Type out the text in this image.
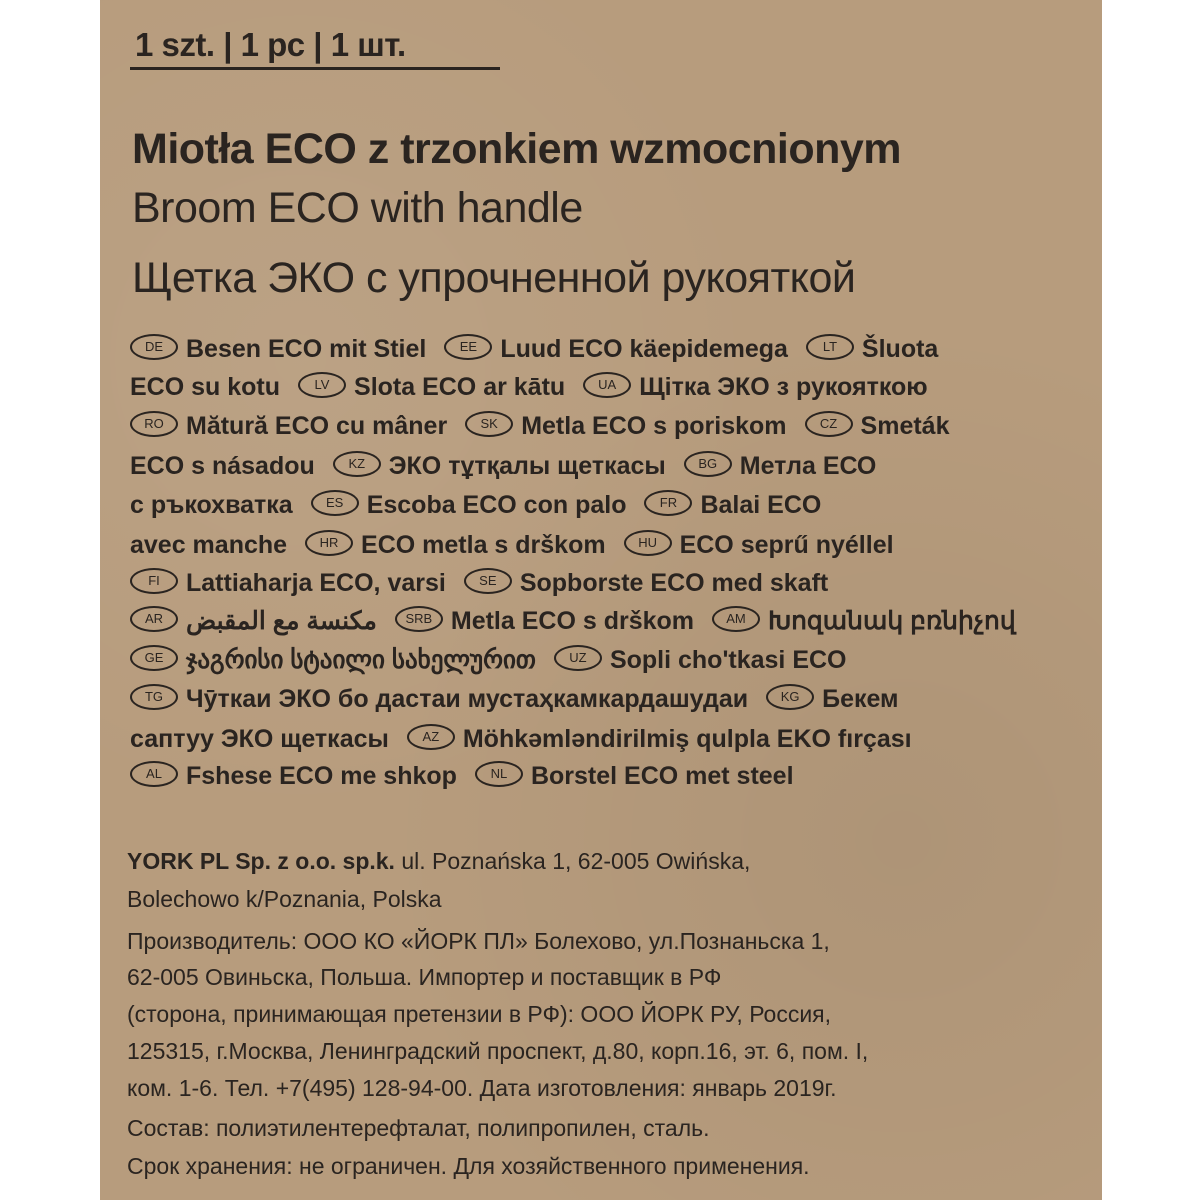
1 szt. | 1 pc | 1 шт.
Miotła ECO z trzonkiem wzmocnionym
Broom ECO with handle
Щетка ЭКО с упрочненной рукояткой
DE Besen ECO mit Stiel	EE Luud ECO käepidemega	LT Šluota
ECO su kotu	LV Slota ECO ar kātu	UA Щітка ЭКО з рукояткою
RO Mătură ECO cu mâner	SK Metla ECO s poriskom	CZ Smeták
ECO s násadou	KZ ЭКО тұтқалы щеткасы	BG Метла ЕСО
с ръкохватка	ES Escoba ECO con palo	FR Balai ECO
avec manche	HR ECO metla s drškom	HU ECO seprű nyéllel
FI Lattiaharja ECO, varsi	SE Sopborste ECO med skaft
AR مكنسة مع المقبض SRB Metla ECO s drškom AM Խոզանակ բռնիչով
GE ჯაგრისი სტაილი სახელურით	UZ Sopli cho'tkasi ECO
TG Чӯткаи ЭКО бо дастаи мустаҳкамкардашудаи	KG Бекем
саптуу ЭКО щеткасы	AZ Möhkəmləndirilmiş qulpla EKO fırçası
AL Fshese ECO me shkop	NL Borstel ECO met steel
YORK PL Sp. z o.o. sp.k. ul. Poznańska 1, 62-005 Owińska,
Bolechowo k/Poznania, Polska
Производитель: ООО КО «ЙОРК ПЛ» Болехово, ул.Познаньска 1,
62-005 Овиньска, Польша. Импортер и поставщик в РФ
(сторона, принимающая претензии в РФ): ООО ЙОРК РУ, Россия,
125315, г.Москва, Ленинградский проспект, д.80, корп.16, эт. 6, пом. I,
ком. 1-6. Тел. +7(495) 128-94-00. Дата изготовления: январь 2019г.
Состав: полиэтилентерефталат, полипропилен, сталь.
Срок хранения: не ограничен. Для хозяйственного применения.
